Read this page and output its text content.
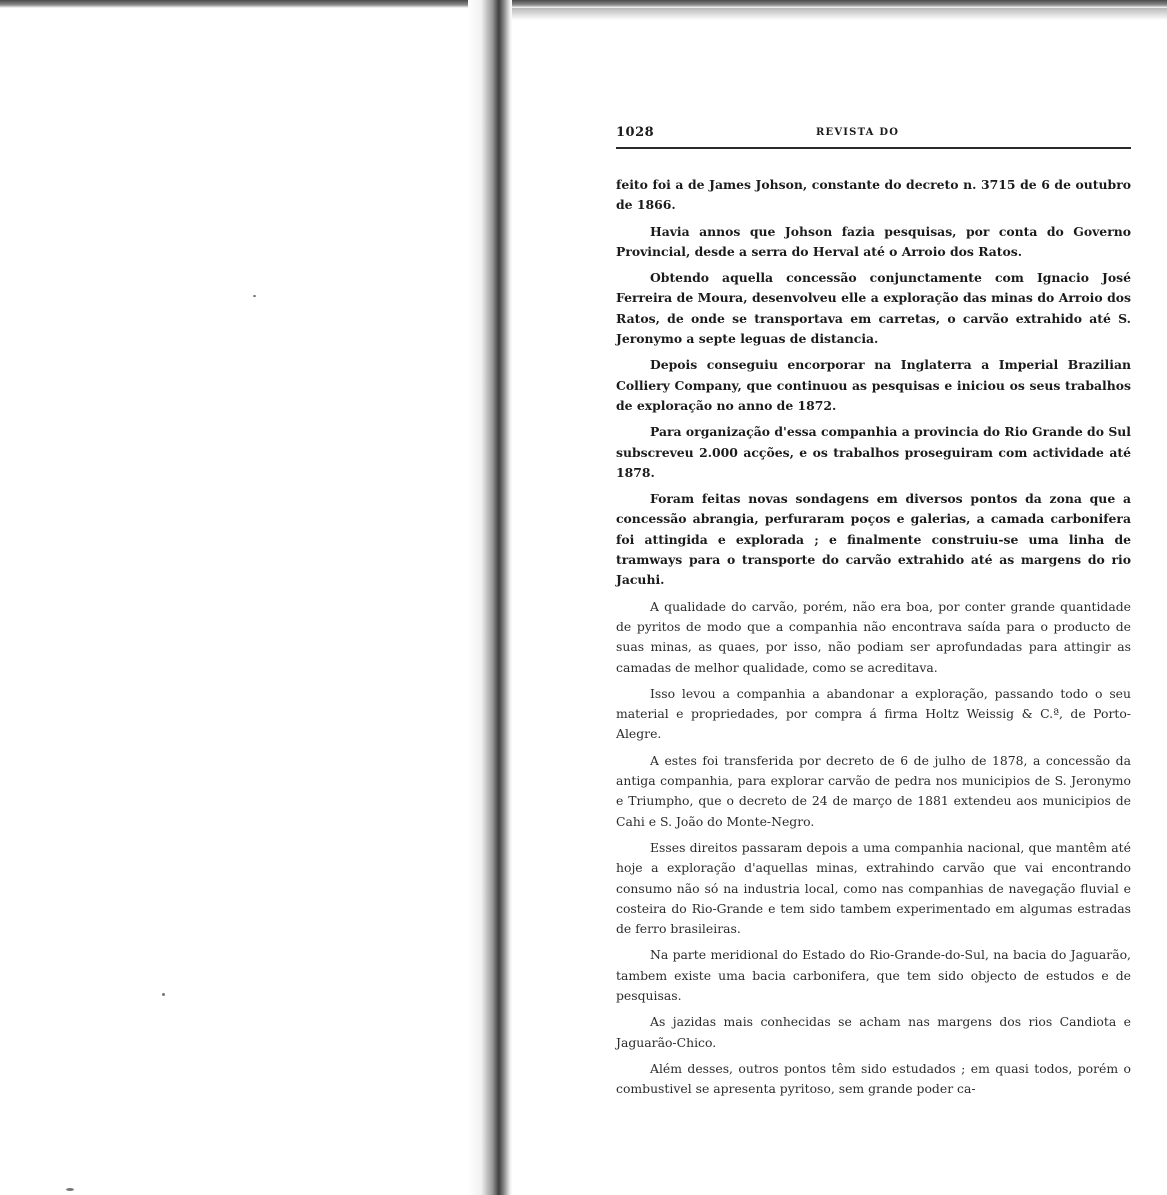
1028	REVISTA DO

feito foi a de James Johson, constante do decreto n. 3715 de 6 de outubro de 1866.

Havia annos que Johson fazia pesquisas, por conta do Governo Provincial, desde a serra do Herval até o Arroio dos Ratos.

Obtendo aquella concessão conjunctamente com Ignacio José Ferreira de Moura, desenvolveu elle a exploração das minas do Arroio dos Ratos, de onde se transportava em carretas, o carvão extrahido até S. Jeronymo a septe leguas de distancia.

Depois conseguiu encorporar na Inglaterra a Imperial Brazilian Colliery Company, que continuou as pesquisas e iniciou os seus trabalhos de exploração no anno de 1872.

Para organização d'essa companhia a provincia do Rio Grande do Sul subscreveu 2.000 acções, e os trabalhos proseguiram com actividade até 1878.

Foram feitas novas sondagens em diversos pontos da zona que a concessão abrangia, perfuraram poços e galerias, a camada carbonifera foi attingida e explorada ; e finalmente construiu-se uma linha de tramways para o transporte do carvão extrahido até as margens do rio Jacuhi.

A qualidade do carvão, porém, não era boa, por conter grande quantidade de pyritos de modo que a companhia não encontrava saída para o producto de suas minas, as quaes, por isso, não podiam ser aprofundadas para attingir as camadas de melhor qualidade, como se acreditava.

Isso levou a companhia a abandonar a exploração, passando todo o seu material e propriedades, por compra á firma Holtz Weissig & C.ª, de Porto-Alegre.

A estes foi transferida por decreto de 6 de julho de 1878, a concessão da antiga companhia, para explorar carvão de pedra nos municipios de S. Jeronymo e Triumpho, que o decreto de 24 de março de 1881 extendeu aos municipios de Cahi e S. João do Monte-Negro.

Esses direitos passaram depois a uma companhia nacional, que mantêm até hoje a exploração d'aquellas minas, extrahindo carvão que vai encontrando consumo não só na industria local, como nas companhias de navegação fluvial e costeira do Rio-Grande e tem sido tambem experimentado em algumas estradas de ferro brasileiras.

Na parte meridional do Estado do Rio-Grande-do-Sul, na bacia do Jaguarão, tambem existe uma bacia carbonifera, que tem sido objecto de estudos e de pesquisas.

As jazidas mais conhecidas se acham nas margens dos rios Candiota e Jaguarão-Chico.

Além desses, outros pontos têm sido estudados ; em quasi todos, porém o combustivel se apresenta pyritoso, sem grande poder ca-
